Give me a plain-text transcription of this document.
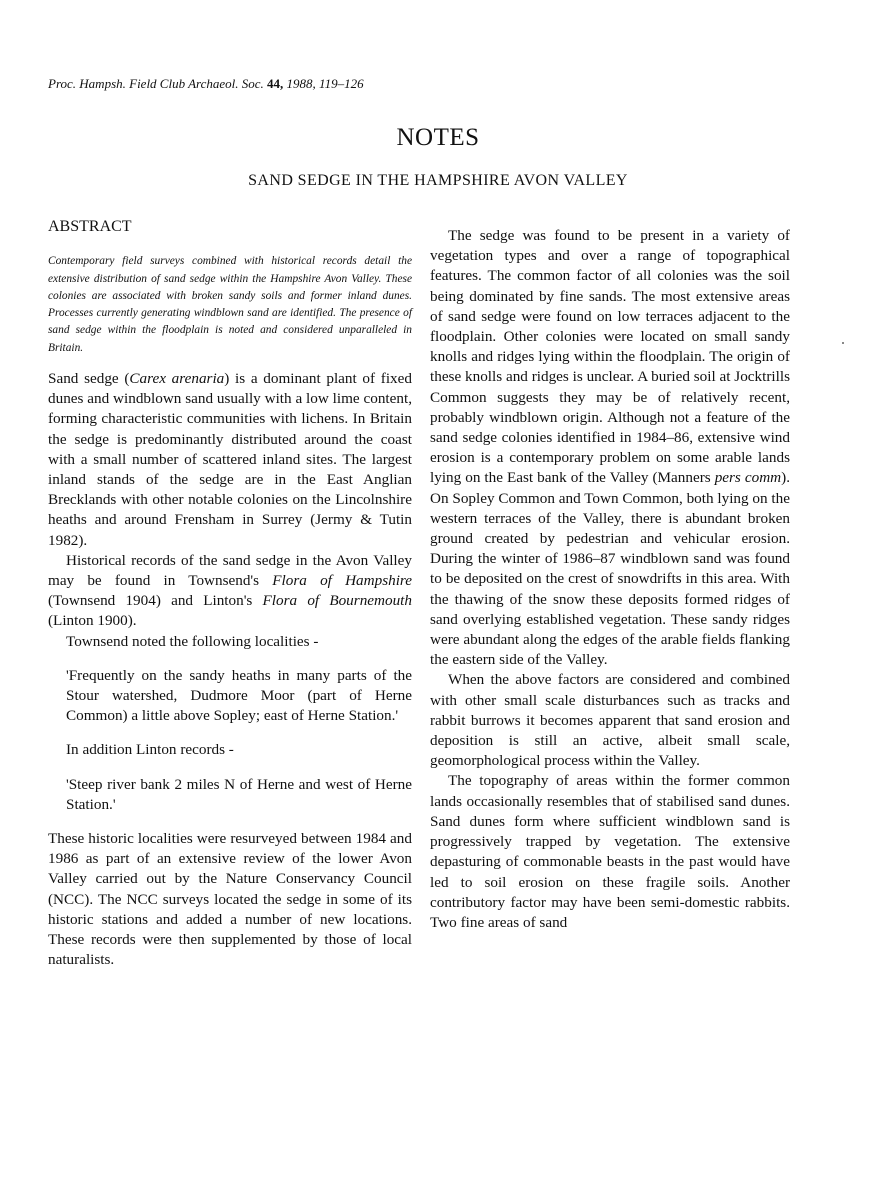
Proc. Hampsh. Field Club Archaeol. Soc. 44, 1988, 119–126
NOTES
SAND SEDGE IN THE HAMPSHIRE AVON VALLEY

ABSTRACT

Contemporary field surveys combined with historical records detail the extensive distribution of sand sedge within the Hampshire Avon Valley. These colonies are associated with broken sandy soils and former inland dunes. Processes currently generating windblown sand are identified. The presence of sand sedge within the floodplain is noted and considered unparalleled in Britain.

Sand sedge (Carex arenaria) is a dominant plant of fixed dunes and windblown sand usually with a low lime content, forming characteristic communities with lichens. In Britain the sedge is predominantly distributed around the coast with a small number of scattered inland sites. The largest inland stands of the sedge are in the East Anglian Brecklands with other notable colonies on the Lincolnshire heaths and around Frensham in Surrey (Jermy & Tutin 1982).

Historical records of the sand sedge in the Avon Valley may be found in Townsend's Flora of Hampshire (Townsend 1904) and Linton's Flora of Bournemouth (Linton 1900).

Townsend noted the following localities -

'Frequently on the sandy heaths in many parts of the Stour watershed, Dudmore Moor (part of Herne Common) a little above Sopley; east of Herne Station.'

In addition Linton records -

'Steep river bank 2 miles N of Herne and west of Herne Station.'

These historic localities were resurveyed between 1984 and 1986 as part of an extensive review of the lower Avon Valley carried out by the Nature Conservancy Council (NCC). The NCC surveys located the sedge in some of its historic stations and added a number of new locations. These records were then supplemented by those of local naturalists.

The sedge was found to be present in a variety of vegetation types and over a range of topographical features. The common factor of all colonies was the soil being dominated by fine sands. The most extensive areas of sand sedge were found on low terraces adjacent to the floodplain. Other colonies were located on small sandy knolls and ridges lying within the floodplain. The origin of these knolls and ridges is unclear. A buried soil at Jocktrills Common suggests they may be of relatively recent, probably windblown origin. Although not a feature of the sand sedge colonies identified in 1984–86, extensive wind erosion is a contemporary problem on some arable lands lying on the East bank of the Valley (Manners pers comm). On Sopley Common and Town Common, both lying on the western terraces of the Valley, there is abundant broken ground created by pedestrian and vehicular erosion. During the winter of 1986–87 windblown sand was found to be deposited on the crest of snowdrifts in this area. With the thawing of the snow these deposits formed ridges of sand overlying established vegetation. These sandy ridges were abundant along the edges of the arable fields flanking the eastern side of the Valley.

When the above factors are considered and combined with other small scale disturbances such as tracks and rabbit burrows it becomes apparent that sand erosion and deposition is still an active, albeit small scale, geomorphological process within the Valley.

The topography of areas within the former common lands occasionally resembles that of stabilised sand dunes. Sand dunes form where sufficient windblown sand is progressively trapped by vegetation. The extensive depasturing of commonable beasts in the past would have led to soil erosion on these fragile soils. Another contributory factor may have been semi-domestic rabbits. Two fine areas of sand
